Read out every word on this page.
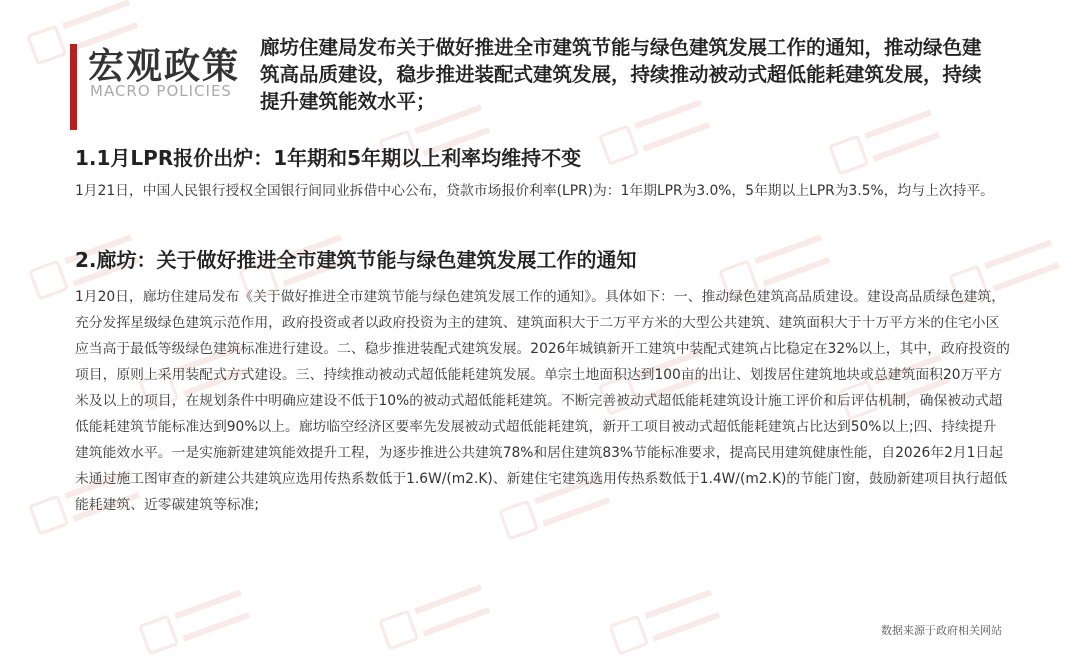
宏观政策
MACRO POLICIES
廊坊住建局发布关于做好推进全市建筑节能与绿色建筑发展工作的通知，推动绿色建筑高品质建设，稳步推进装配式建筑发展，持续推动被动式超低能耗建筑发展，持续提升建筑能效水平；
1.1月LPR报价出炉：1年期和5年期以上利率均维持不变
1月21日，中国人民银行授权全国银行间同业拆借中心公布，贷款市场报价利率(LPR)为：1年期LPR为3.0%，5年期以上LPR为3.5%，均与上次持平。
2.廊坊：关于做好推进全市建筑节能与绿色建筑发展工作的通知
1月20日，廊坊住建局发布《关于做好推进全市建筑节能与绿色建筑发展工作的通知》。具体如下：一、推动绿色建筑高品质建设。建设高品质绿色建筑，充分发挥星级绿色建筑示范作用，政府投资或者以政府投资为主的建筑、建筑面积大于二万平方米的大型公共建筑、建筑面积大于十万平方米的住宅小区应当高于最低等级绿色建筑标准进行建设。二、稳步推进装配式建筑发展。2026年城镇新开工建筑中装配式建筑占比稳定在32%以上，其中，政府投资的项目，原则上采用装配式方式建设。三、持续推动被动式超低能耗建筑发展。单宗土地面积达到100亩的出让、划拨居住建筑地块或总建筑面积20万平方米及以上的项目，在规划条件中明确应建设不低于10%的被动式超低能耗建筑。不断完善被动式超低能耗建筑设计施工评价和后评估机制，确保被动式超低能耗建筑节能标准达到90%以上。廊坊临空经济区要率先发展被动式超低能耗建筑，新开工项目被动式超低能耗建筑占比达到50%以上;四、持续提升建筑能效水平。一是实施新建建筑能效提升工程，为逐步推进公共建筑78%和居住建筑83%节能标准要求，提高民用建筑健康性能，自2026年2月1日起未通过施工图审查的新建公共建筑应选用传热系数低于1.6W/(m2.K)、新建住宅建筑选用传热系数低于1.4W/(m2.K)的节能门窗，鼓励新建项目执行超低能耗建筑、近零碳建筑等标准;
数据来源于政府相关网站
